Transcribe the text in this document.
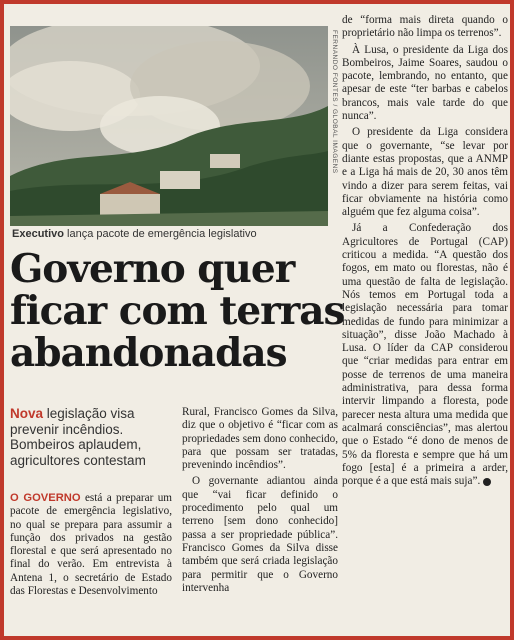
FERNANDO FONTES / GLOBAL IMAGENS
Executivo lança pacote de emergência legislativo
Governo quer
ficar com terras
abandonadas
Nova legislação visa prevenir incêndios. Bombeiros aplaudem, agricultores contestam
O GOVERNO está a preparar um pacote de emergência legislativo, no qual se prepara para assumir a função dos privados na gestão florestal e que será apresentado no final do verão. Em entrevista à Antena 1, o secretário de Estado das Florestas e Desenvolvimento

Rural, Francisco Gomes da Silva, diz que o objetivo é “ficar com as propriedades sem dono conhecido, para que possam ser tratadas, prevenindo incêndios”.

O governante adiantou ainda que “vai ficar definido o procedimento pelo qual um terreno [sem dono conhecido] passa a ser propriedade pública”. Francisco Gomes da Silva disse também que será criada legislação para permitir que o Governo intervenha

de “forma mais direta quando o proprietário não limpa os terrenos”.

À Lusa, o presidente da Liga dos Bombeiros, Jaime Soares, saudou o pacote, lembrando, no entanto, que apesar de este “ter barbas e cabelos brancos, mais vale tarde do que nunca”.

O presidente da Liga considera que o governante, “se levar por diante estas propostas, que a ANMP e a Liga há mais de 20, 30 anos têm vindo a dizer para serem feitas, vai ficar obviamente na história como alguém que fez alguma coisa”.

Já a Confederação dos Agricultores de Portugal (CAP) criticou a medida. “A questão dos fogos, em mato ou florestas, não é uma questão de falta de legislação. Nós temos em Portugal toda a legislação necessária para tomar medidas de fundo para minimizar a situação”, disse João Machado à Lusa. O líder da CAP considerou que “criar medidas para entrar em posse de terrenos de uma maneira administrativa, para dessa forma intervir limpando a floresta, pode parecer nesta altura uma medida que acalmará consciências”, mas alertou que o Estado “é dono de menos de 5% da floresta e sempre que há um fogo [esta] é a primeira a arder, porque é a que está mais suja”.
